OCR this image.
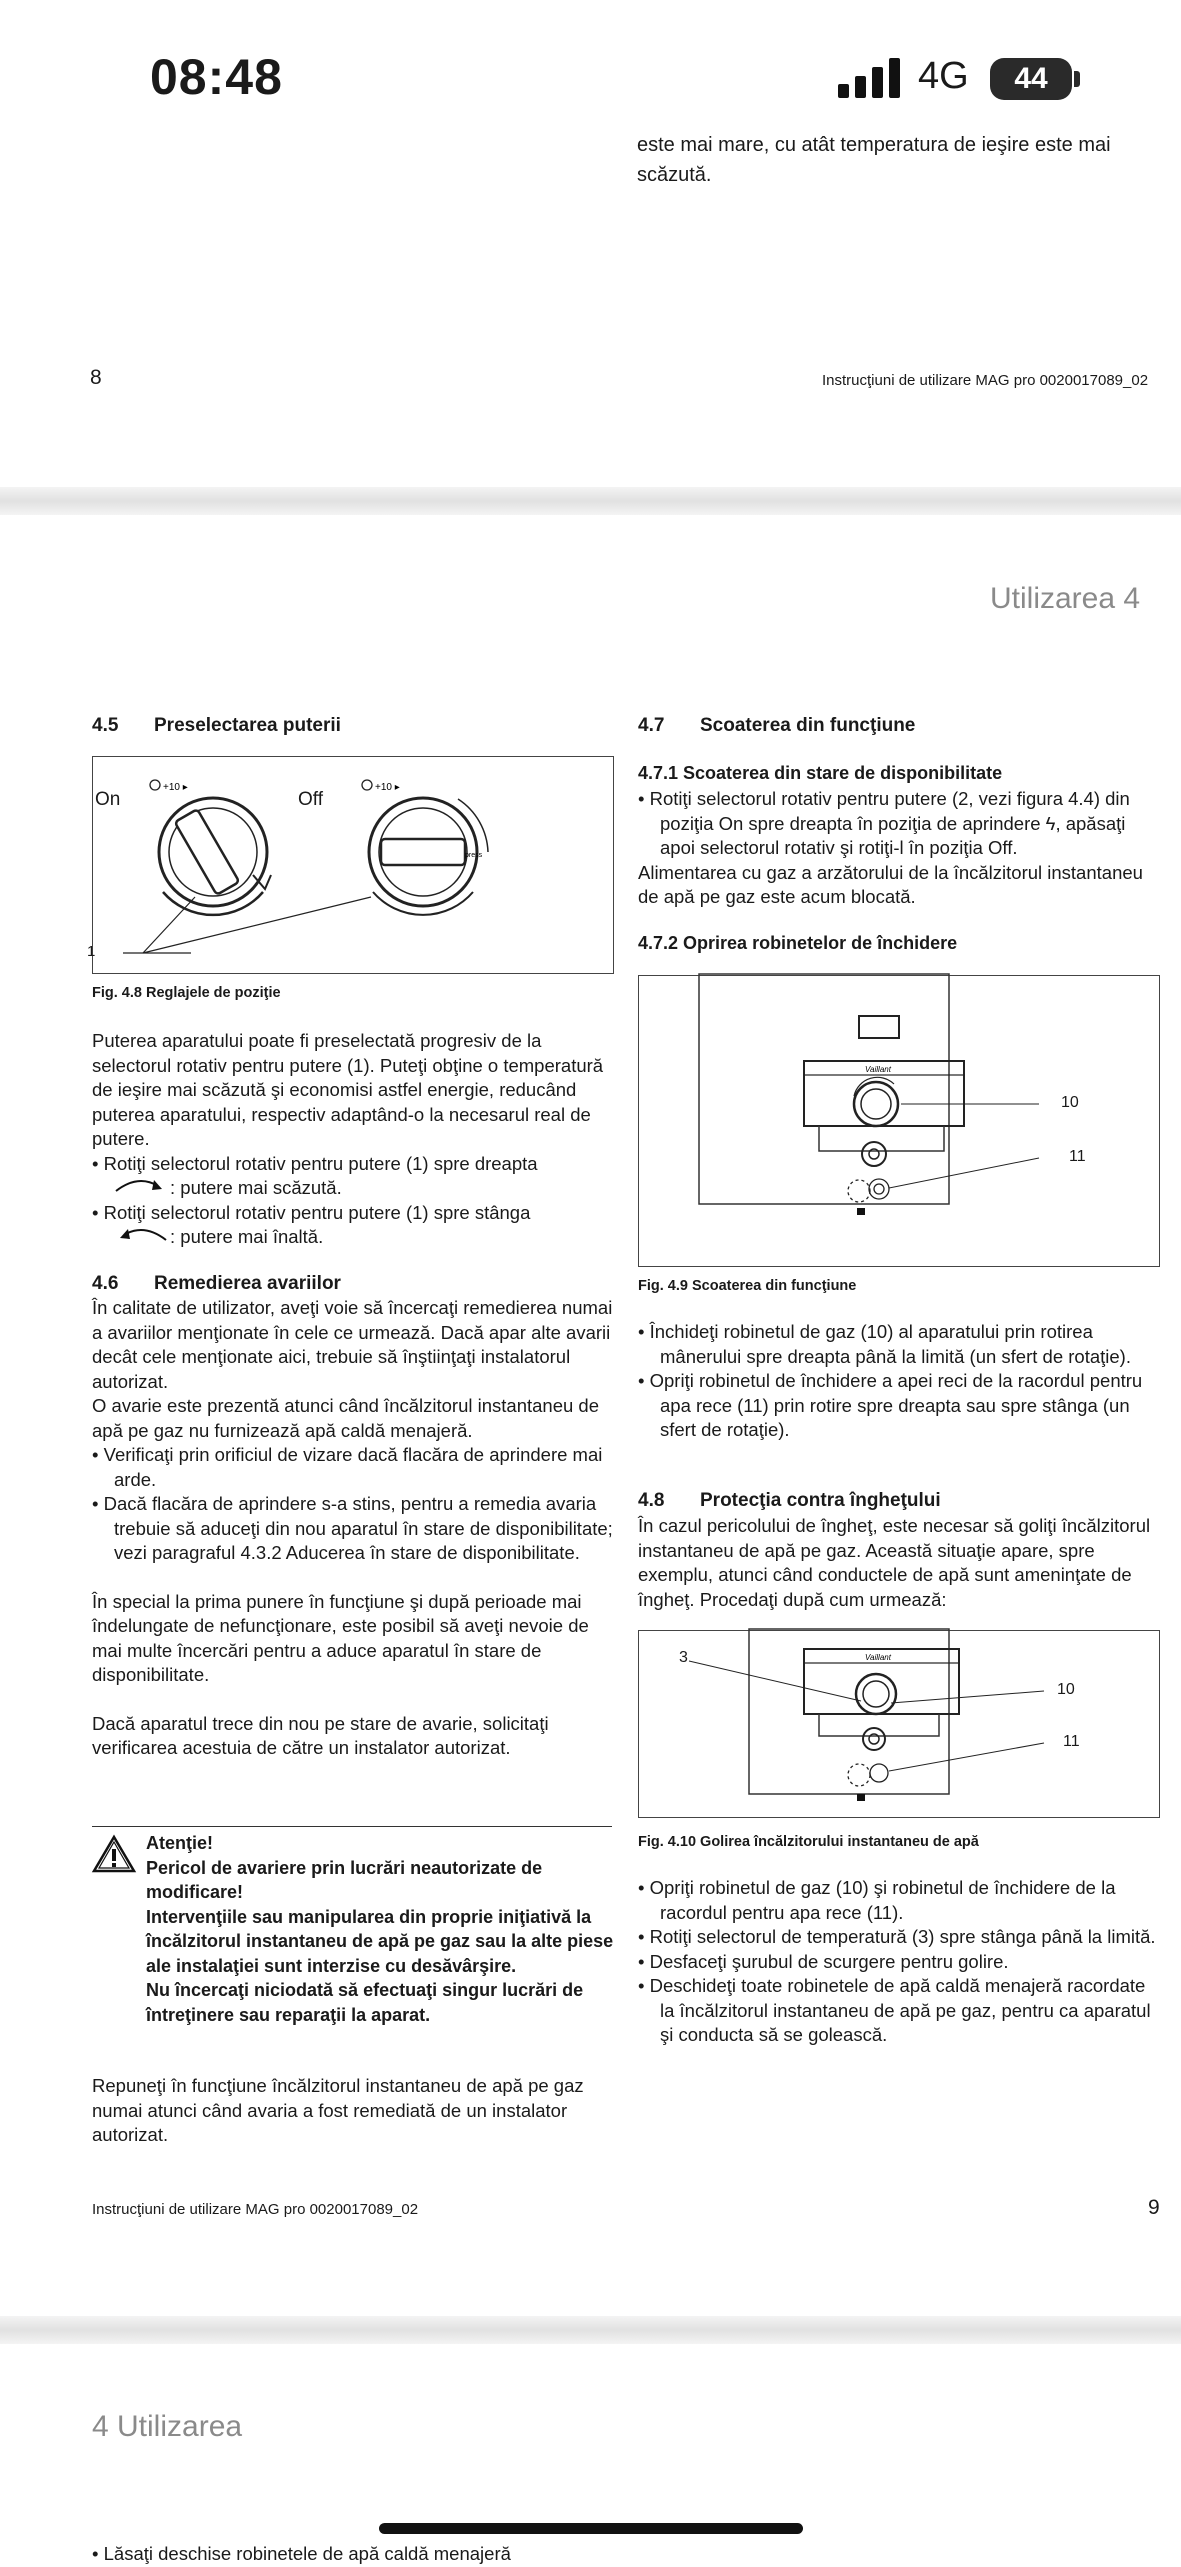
08:48	4G	44
este mai mare, cu atât temperatura de ieşire este mai scăzută.
8	Instrucţiuni de utilizare MAG pro 0020017089_02
Utilizarea 4
4.5 Preselectarea puterii
+10 ▸
press
+10 ▸
On	Off
1
Fig. 4.8 Reglajele de poziţie

Puterea aparatului poate fi preselectată progresiv de la selectorul rotativ pentru putere (1). Puteţi obţine o temperatură de ieşire mai scăzută şi economisi astfel energie, reducând puterea aparatului, respectiv adaptând-o la necesarul real de putere.

• Rotiţi selectorul rotativ pentru putere (1) spre dreapta

: putere mai scăzută.

• Rotiţi selectorul rotativ pentru putere (1) spre stânga

: putere mai înaltă.

4.6 Remedierea avariilor

În calitate de utilizator, aveţi voie să încercaţi remedierea numai a avariilor menţionate în cele ce urmează. Dacă apar alte avarii decât cele menţionate aici, trebuie să înştiinţaţi instalatorul autorizat.

O avarie este prezentă atunci când încălzitorul instantaneu de apă pe gaz nu furnizează apă caldă menajeră.

• Verificaţi prin orificiul de vizare dacă flacăra de aprindere mai arde.

• Dacă flacăra de aprindere s-a stins, pentru a remedia avaria trebuie să aduceţi din nou aparatul în stare de disponibilitate; vezi paragraful 4.3.2 Aducerea în stare de disponibilitate.

În special la prima punere în funcţiune şi după perioade mai îndelungate de nefuncţionare, este posibil să aveţi nevoie de mai multe încercări pentru a aduce aparatul în stare de disponibilitate.

Dacă aparatul trece din nou pe stare de avarie, solicitaţi verificarea acestuia de către un instalator autorizat.

Atenţie!

Pericol de avariere prin lucrări neautorizate de modificare!

Intervenţiile sau manipularea din proprie iniţiativă la încălzitorul instantaneu de apă pe gaz sau la alte piese ale instalaţiei sunt interzise cu desăvârşire.

Nu încercaţi niciodată să efectuaţi singur lucrări de întreţinere sau reparaţii la aparat.

Repuneţi în funcţiune încălzitorul instantaneu de apă pe gaz numai atunci când avaria a fost remediată de un instalator autorizat.
4.7 Scoaterea din funcţiune
4.7.1 Scoaterea din stare de disponibilitate

• Rotiţi selectorul rotativ pentru putere (2, vezi figura 4.4) din poziţia On spre dreapta în poziţia de aprindere ϟ, apăsaţi apoi selectorul rotativ şi rotiţi-l în poziţia Off.

Alimentarea cu gaz a arzătorului de la încălzitorul instantaneu de apă pe gaz este acum blocată.

4.7.2 Oprirea robinetelor de închidere
Vaillant
10
11
Fig. 4.9 Scoaterea din funcţiune

• Închideţi robinetul de gaz (10) al aparatului prin rotirea mânerului spre dreapta până la limită (un sfert de rotaţie).

• Opriţi robinetul de închidere a apei reci de la racordul pentru apa rece (11) prin rotire spre dreapta sau spre stânga (un sfert de rotaţie).

4.8 Protecţia contra îngheţului
În cazul pericolului de îngheţ, este necesar să goliţi încălzitorul instantaneu de apă pe gaz. Această situaţie apare, spre exemplu, atunci când conductele de apă sunt ameninţate de îngheţ. Procedaţi după cum urmează:
Vaillant
3
10
11
Fig. 4.10 Golirea încălzitorului instantaneu de apă

• Opriţi robinetul de gaz (10) şi robinetul de închidere de la racordul pentru apa rece (11).

• Rotiţi selectorul de temperatură (3) spre stânga până la limită.

• Desfaceţi şurubul de scurgere pentru golire.

• Deschideţi toate robinetele de apă caldă menajeră racordate la încălzitorul instantaneu de apă pe gaz, pentru ca aparatul şi conducta să se golească.

Instrucţiuni de utilizare MAG pro 0020017089_02	9
4 Utilizarea
• Lăsaţi deschise robinetele de apă caldă menajeră
